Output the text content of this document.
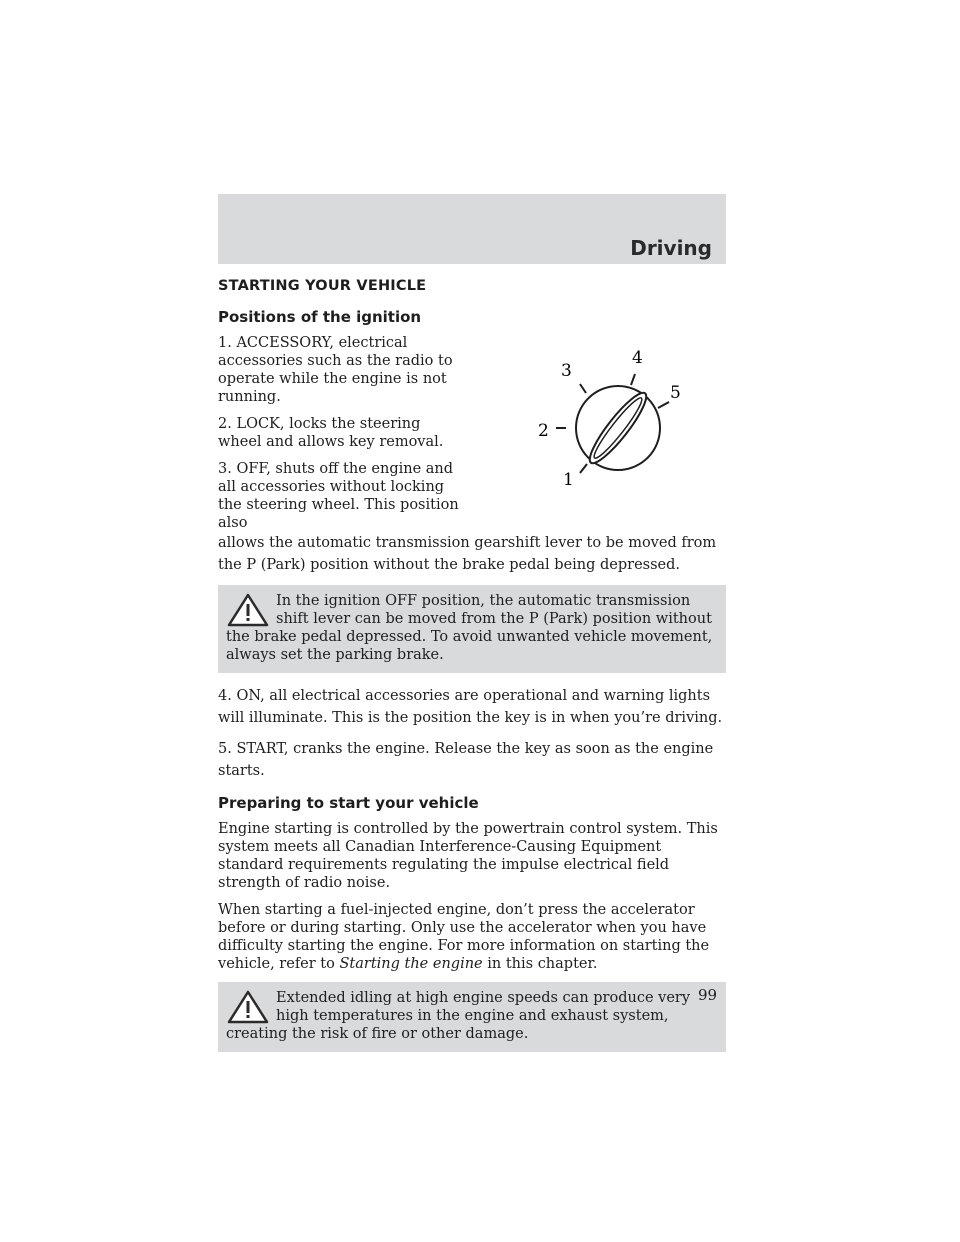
Driving
STARTING YOUR VEHICLE
Positions of the ignition
1
2
3
4
5

1. ACCESSORY, electrical accessories such as the radio to operate while the engine is not running.

2. LOCK, locks the steering wheel and allows key removal.

3. OFF, shuts off the engine and all accessories without locking the steering wheel. This position also

allows the automatic transmission gearshift lever to be moved from the P (Park) position without the brake pedal being depressed.

In the ignition OFF position, the automatic transmission shift lever can be moved from the P (Park) position without the brake pedal depressed. To avoid unwanted vehicle movement, always set the parking brake.

4. ON, all electrical accessories are operational and warning lights will illuminate. This is the position the key is in when you’re driving.

5. START, cranks the engine. Release the key as soon as the engine starts.

Preparing to start your vehicle

Engine starting is controlled by the powertrain control system. This system meets all Canadian Interference-Causing Equipment standard requirements regulating the impulse electrical field strength of radio noise.

When starting a fuel-injected engine, don’t press the accelerator before or during starting. Only use the accelerator when you have difficulty starting the engine. For more information on starting the vehicle, refer to Starting the engine in this chapter.

Extended idling at high engine speeds can produce very high temperatures in the engine and exhaust system, creating the risk of fire or other damage.

99
